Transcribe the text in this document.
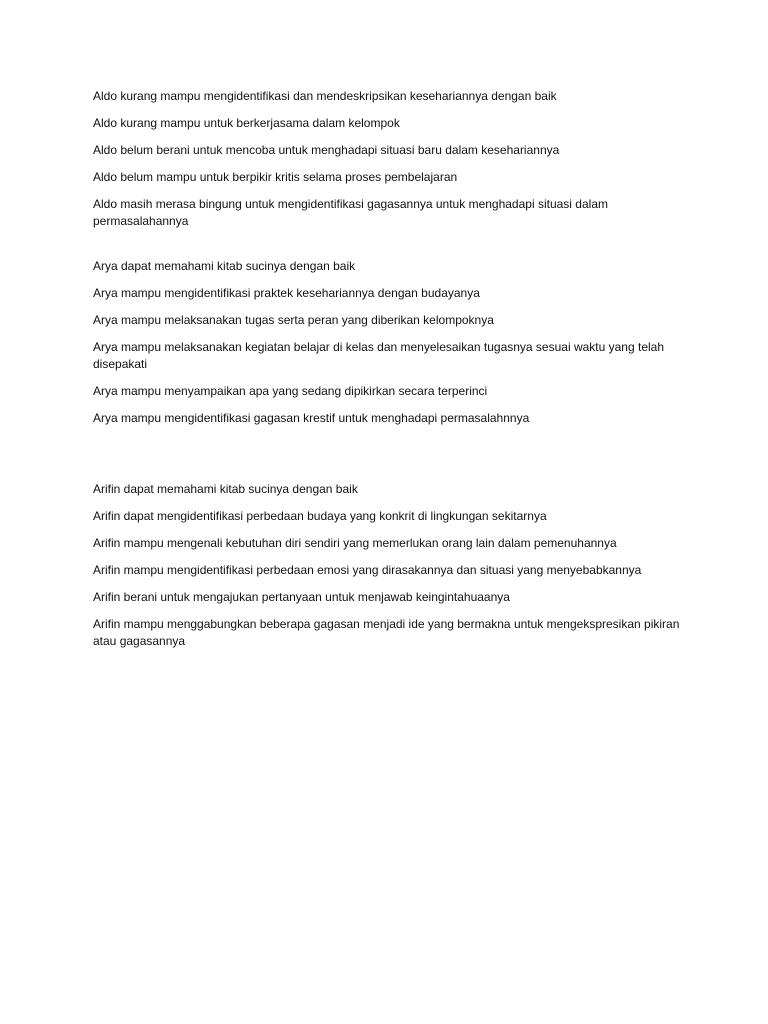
Aldo kurang mampu mengidentifikasi dan mendeskripsikan kesehariannya dengan baik

Aldo kurang mampu untuk berkerjasama dalam kelompok

Aldo belum berani untuk mencoba untuk menghadapi situasi baru dalam kesehariannya

Aldo belum mampu untuk berpikir kritis selama proses pembelajaran

Aldo masih merasa bingung untuk mengidentifikasi gagasannya untuk menghadapi situasi dalam permasalahannya

Arya dapat memahami kitab sucinya dengan baik

Arya mampu mengidentifikasi praktek kesehariannya dengan budayanya

Arya mampu melaksanakan tugas serta peran yang diberikan kelompoknya

Arya mampu melaksanakan kegiatan belajar di kelas dan menyelesaikan tugasnya sesuai waktu yang telah disepakati

Arya mampu menyampaikan apa yang sedang dipikirkan secara terperinci

Arya mampu mengidentifikasi gagasan krestif untuk menghadapi permasalahnnya

Arifin dapat memahami kitab sucinya dengan baik

Arifin dapat mengidentifikasi perbedaan budaya yang konkrit di lingkungan sekitarnya

Arifin mampu mengenali kebutuhan diri sendiri yang memerlukan orang lain dalam pemenuhannya

Arifin mampu mengidentifikasi perbedaan emosi yang dirasakannya dan situasi yang menyebabkannya

Arifin berani untuk mengajukan pertanyaan untuk menjawab keingintahuaanya

Arifin mampu menggabungkan beberapa gagasan menjadi ide yang bermakna untuk mengekspresikan pikiran atau gagasannya
